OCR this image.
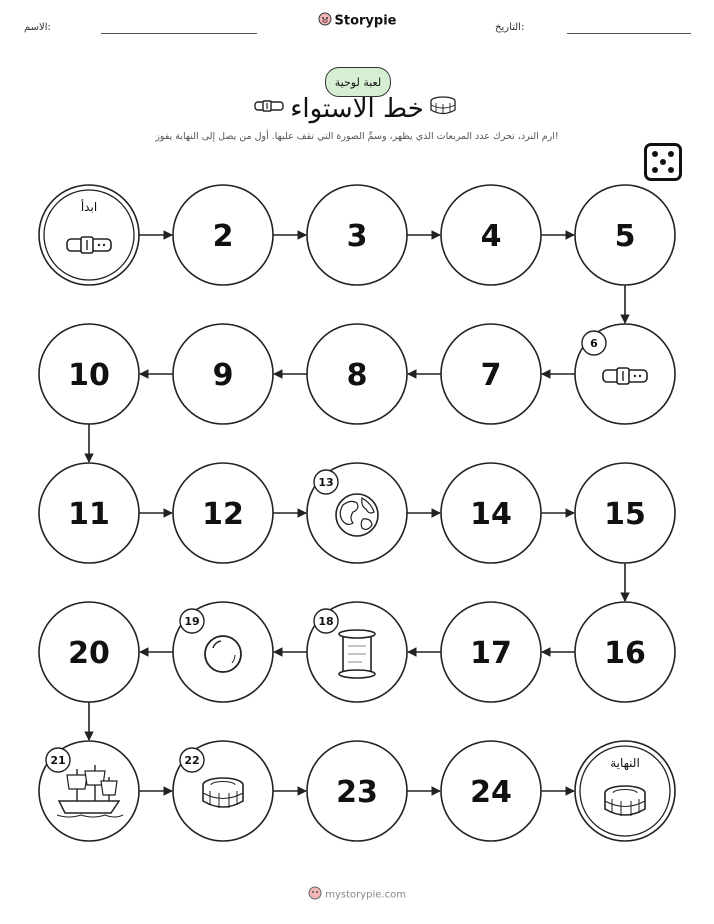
الاسم:	Storypie	التاريخ:
لعبة لوحية
خط الاستواء
ارم النرد، تحرك عدد المربعات الذي يظهر، وسمِّ الصورة التي تقف عليها. أول من يصل إلى النهاية يفوز!
ابدأ
2	3	4	5
6
7
8
9
10
11	12
13
14	15
16
17
18
19
20
21	22
23	24
النهاية
mystorypie.com
